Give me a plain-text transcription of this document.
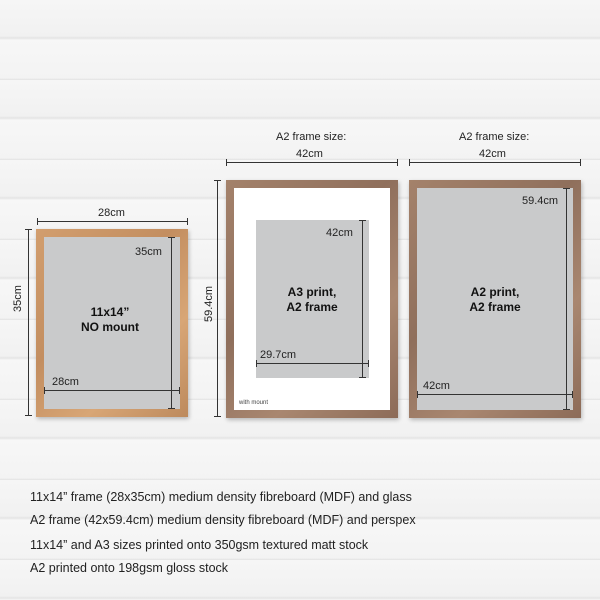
28cm
35cm
35cm
28cm
11x14”
NO mount
A2 frame size:
42cm
59.4cm
42cm
29.7cm
A3 print,
A2 frame
with mount
A2 frame size:
42cm
59.4cm
42cm
A2 print,
A2 frame
11x14” frame (28x35cm) medium density fibreboard (MDF) and glass
A2 frame (42x59.4cm) medium density fibreboard (MDF) and perspex
11x14” and A3 sizes printed onto 350gsm textured matt stock
A2 printed onto 198gsm gloss stock
